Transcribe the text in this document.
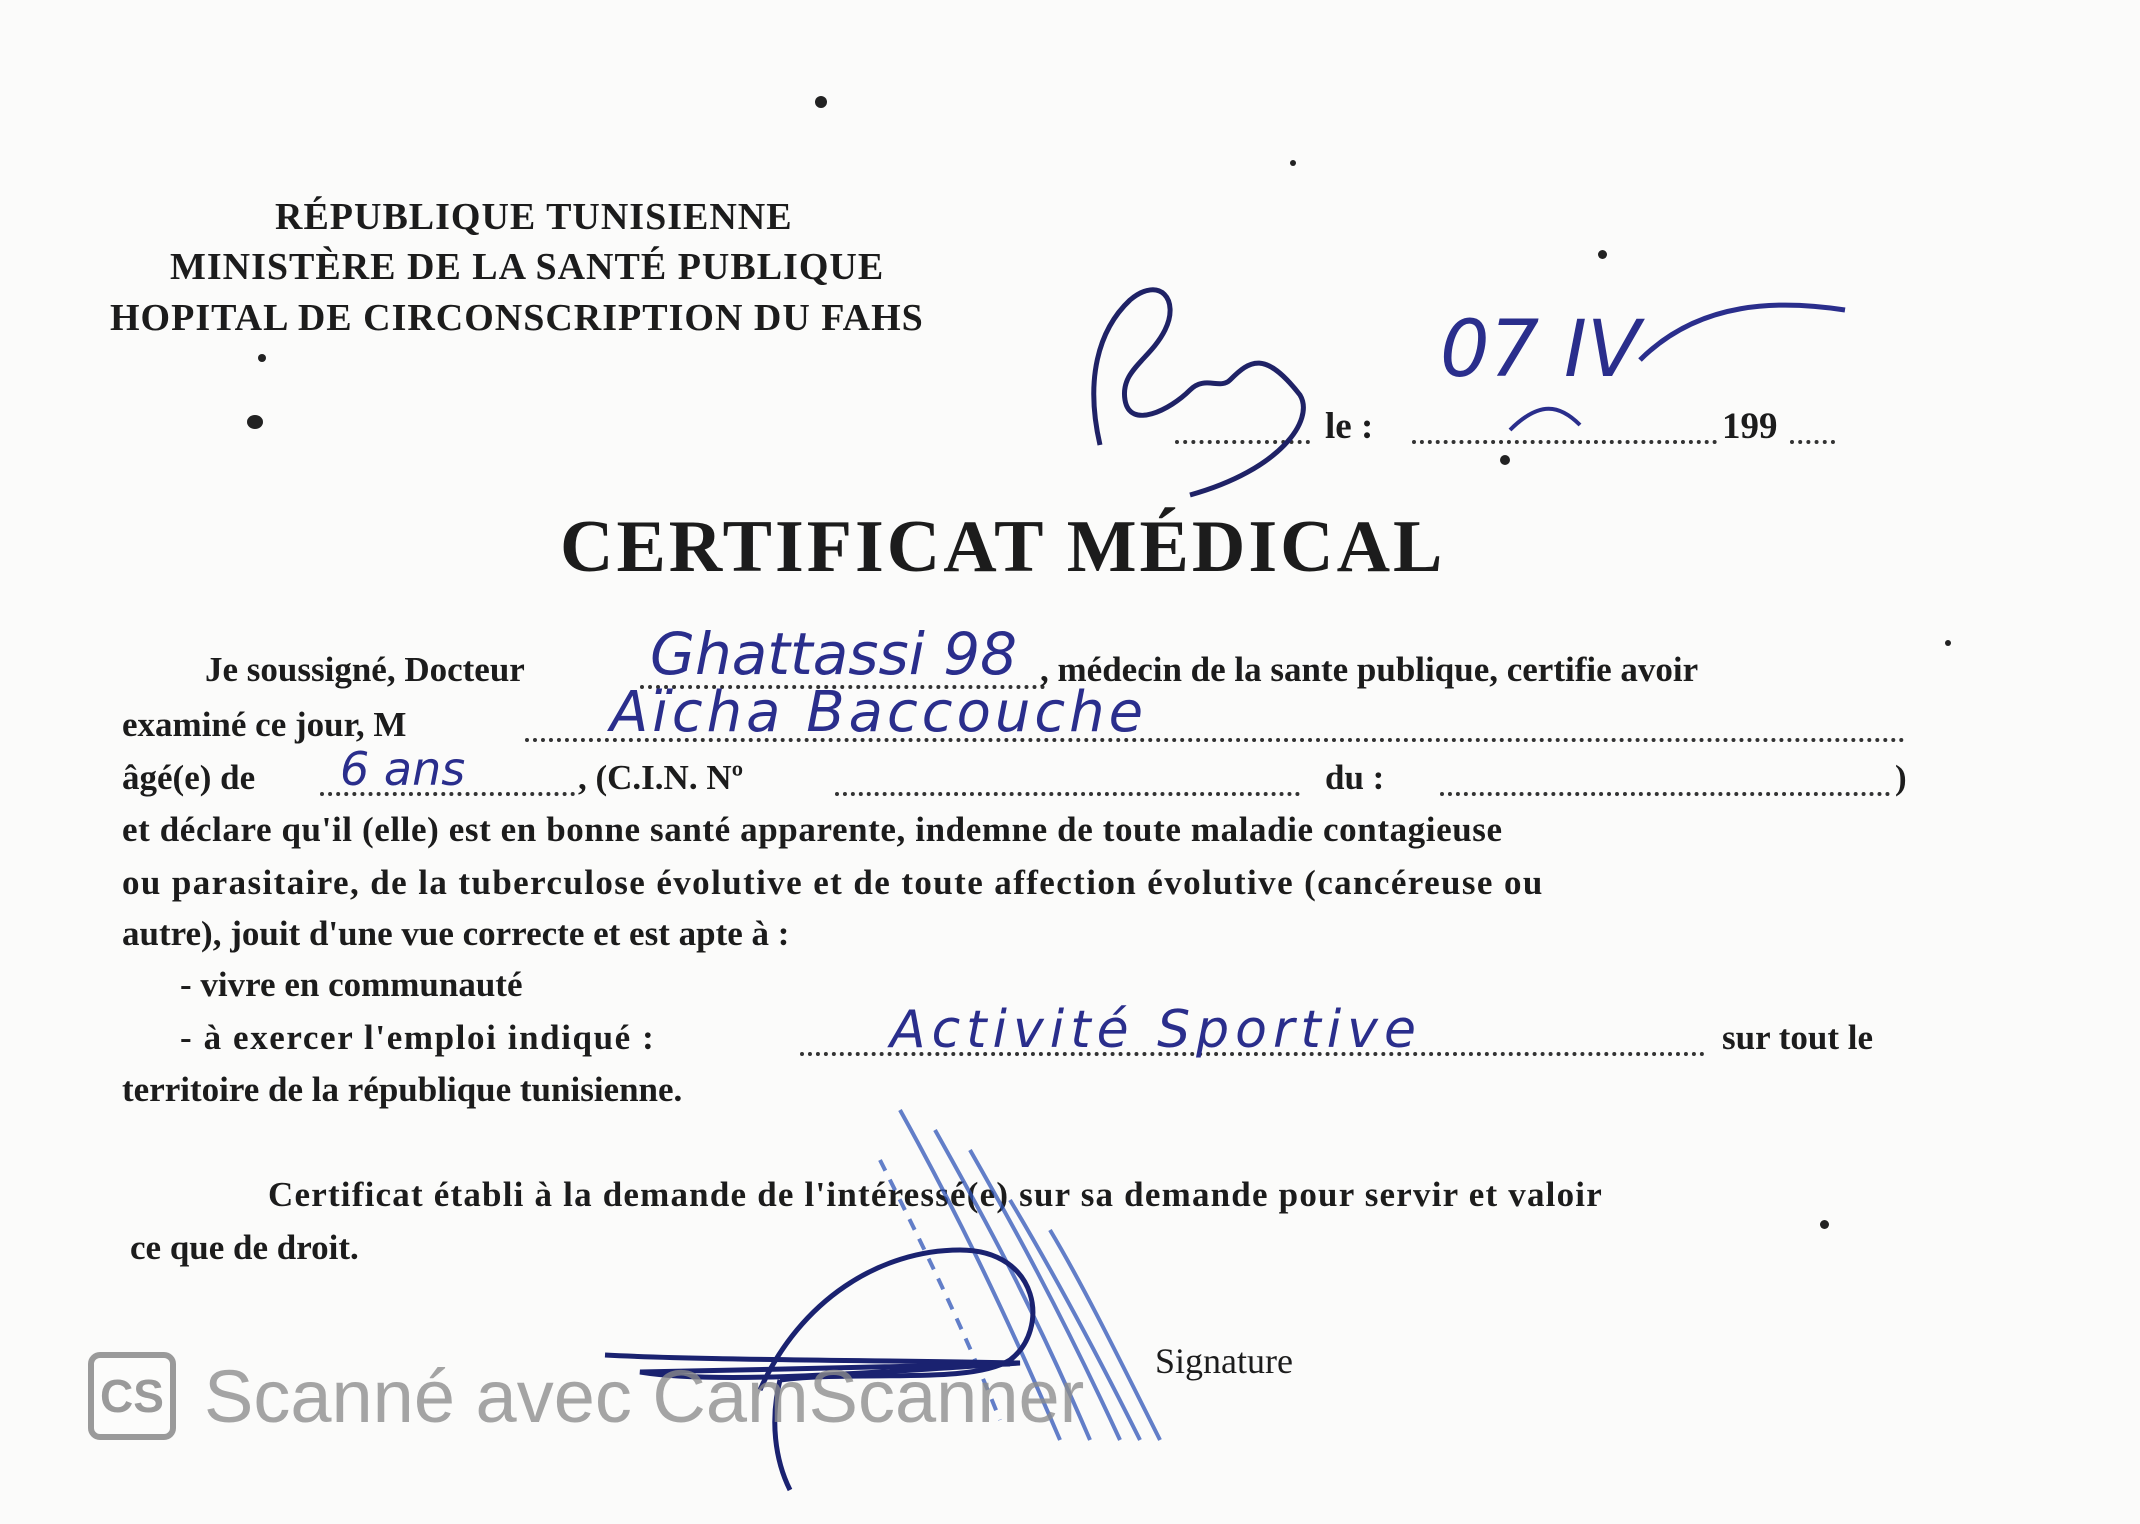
RÉPUBLIQUE TUNISIENNE
MINISTÈRE DE LA SANTÉ PUBLIQUE
HOPITAL DE CIRCONSCRIPTION DU FAHS
le :	199
07 IV
CERTIFICAT MÉDICAL
Je soussigné, Docteur Ghattassi 98 , médecin de la sante publique, certifie avoir
examiné ce jour, M	Aïcha Baccouche
âgé(e) de 6 ans	, (C.I.N. Nº	du :	)
et déclare qu'il (elle) est en bonne santé apparente, indemne de toute maladie contagieuse
ou parasitaire, de la tuberculose évolutive et de toute affection évolutive (cancéreuse ou
autre), jouit d'une vue correcte et est apte à :
- vivre en communauté
- à exercer l'emploi indiqué :	Activité Sportive	sur tout le
territoire de la république tunisienne.
Certificat établi à la demande de l'intéressé(e) sur sa demande pour servir et valoir
ce que de droit.
Signature
CS Scanné avec CamScanner
